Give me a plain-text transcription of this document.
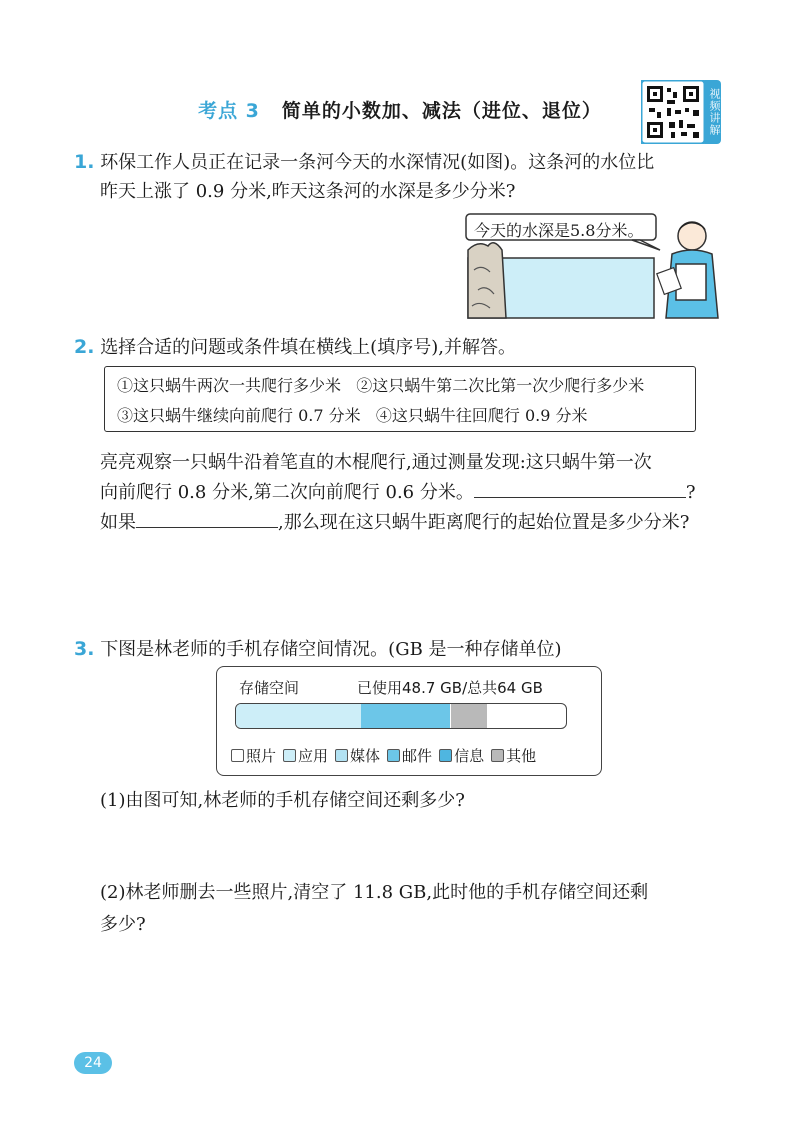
考点 3 简单的小数加、减法（进位、退位）	视频讲解
1. 环保工作人员正在记录一条河今天的水深情况(如图)。这条河的水位比
昨天上涨了 0.9 分米,昨天这条河的水深是多少分米?
今天的水深是5.8分米。
2. 选择合适的问题或条件填在横线上(填序号),并解答。
①这只蜗牛两次一共爬行多少米 ②这只蜗牛第二次比第一次少爬行多少米
③这只蜗牛继续向前爬行 0.7 分米 ④这只蜗牛往回爬行 0.9 分米
亮亮观察一只蜗牛沿着笔直的木棍爬行,通过测量发现:这只蜗牛第一次
向前爬行 0.8 分米,第二次向前爬行 0.6 分米。	?
如果	,那么现在这只蜗牛距离爬行的起始位置是多少分米?
3. 下图是林老师的手机存储空间情况。(GB 是一种存储单位)
存储空间	已使用48.7 GB/总共64 GB
照片 应用 媒体 邮件 信息 其他
(1)由图可知,林老师的手机存储空间还剩多少?
(2)林老师删去一些照片,清空了 11.8 GB,此时他的手机存储空间还剩
多少?
24
